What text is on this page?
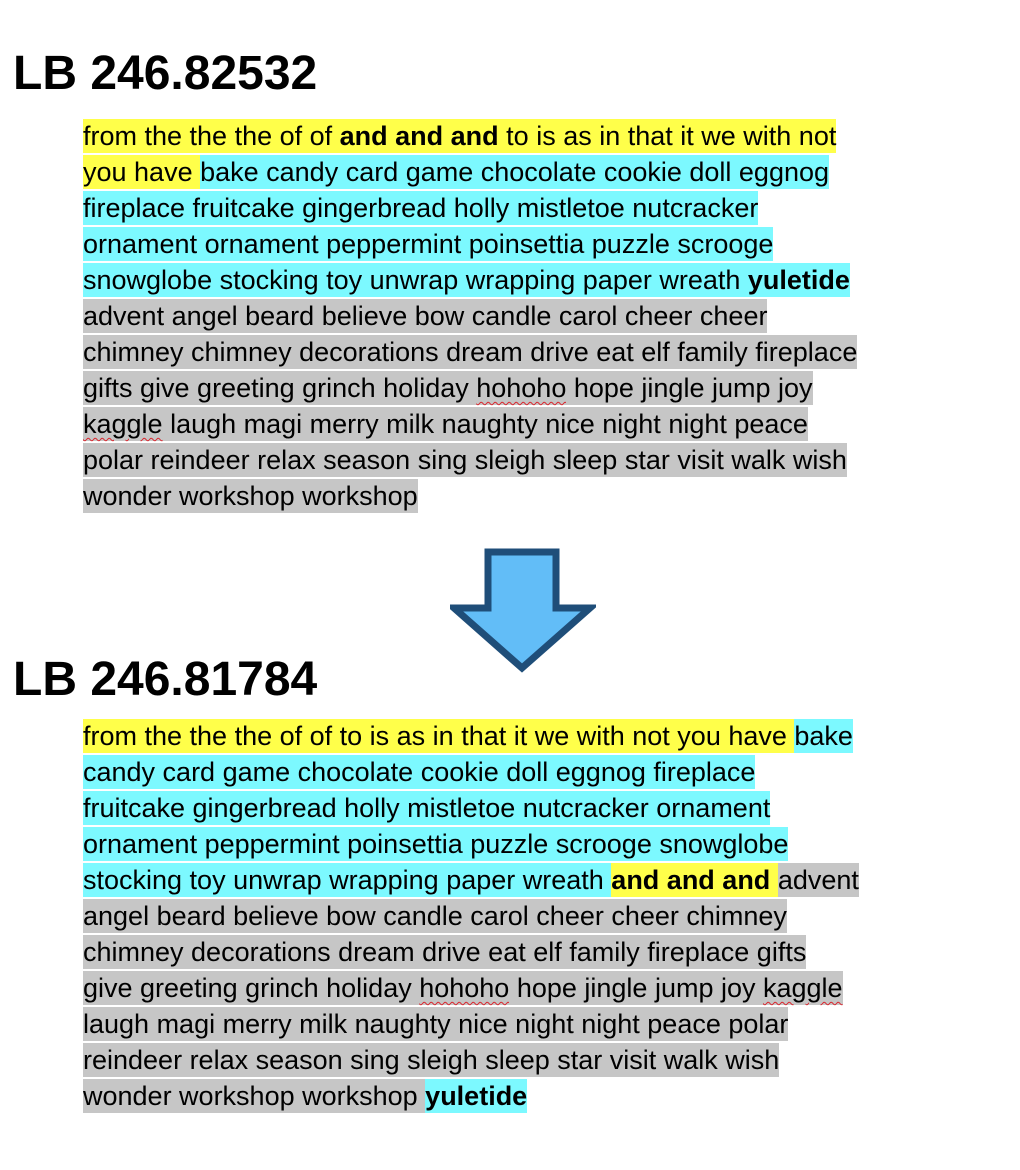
LB 246.82532
from the the the of of and and and to is as in that it we with not
you have bake candy card game chocolate cookie doll eggnog
fireplace fruitcake gingerbread holly mistletoe nutcracker
ornament ornament peppermint poinsettia puzzle scrooge
snowglobe stocking toy unwrap wrapping paper wreath yuletide
advent angel beard believe bow candle carol cheer cheer
chimney chimney decorations dream drive eat elf family fireplace
gifts give greeting grinch holiday hohoho hope jingle jump joy
kaggle laugh magi merry milk naughty nice night night peace
polar reindeer relax season sing sleigh sleep star visit walk wish
wonder workshop workshop
LB 246.81784
from the the the of of to is as in that it we with not you have bake
candy card game chocolate cookie doll eggnog fireplace
fruitcake gingerbread holly mistletoe nutcracker ornament
ornament peppermint poinsettia puzzle scrooge snowglobe
stocking toy unwrap wrapping paper wreath and and and advent
angel beard believe bow candle carol cheer cheer chimney
chimney decorations dream drive eat elf family fireplace gifts
give greeting grinch holiday hohoho hope jingle jump joy kaggle
laugh magi merry milk naughty nice night night peace polar
reindeer relax season sing sleigh sleep star visit walk wish
wonder workshop workshop yuletide
